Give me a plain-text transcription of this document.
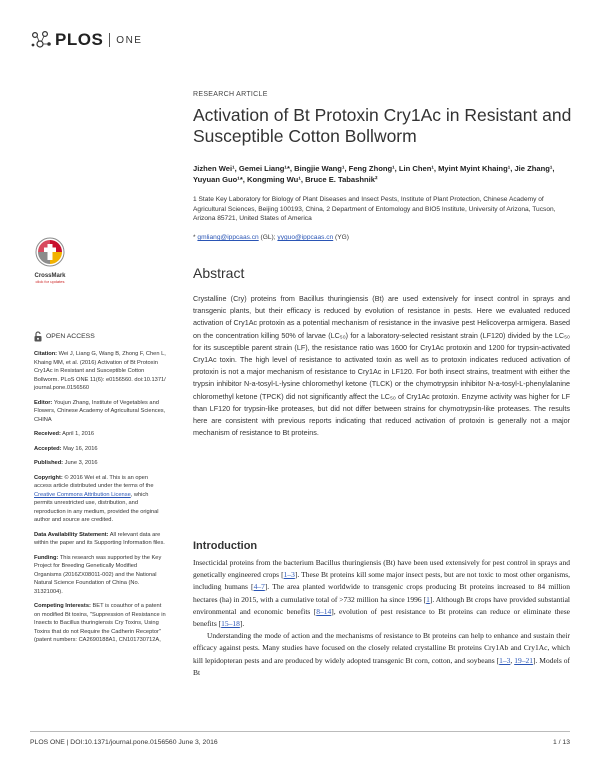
PLOS ONE
RESEARCH ARTICLE
Activation of Bt Protoxin Cry1Ac in Resistant and Susceptible Cotton Bollworm
Jizhen Wei¹, Gemei Liang¹*, Bingjie Wang¹, Feng Zhong¹, Lin Chen¹, Myint Myint Khaing¹, Jie Zhang¹, Yuyuan Guo¹*, Kongming Wu¹, Bruce E. Tabashnik²
1 State Key Laboratory for Biology of Plant Diseases and Insect Pests, Institute of Plant Protection, Chinese Academy of Agricultural Sciences, Beijing 100193, China, 2 Department of Entomology and BIO5 Institute, University of Arizona, Tucson, Arizona 85721, United States of America
* gmliang@ippcaas.cn (GL); yyguo@ippcaas.cn (YG)
CrossMark
click for updates
OPEN ACCESS

Citation: Wei J, Liang G, Wang B, Zhong F, Chen L, Khaing MM, et al. (2016) Activation of Bt Protoxin Cry1Ac in Resistant and Susceptible Cotton Bollworm. PLoS ONE 11(6): e0156560. doi:10.1371/ journal.pone.0156560

Editor: Youjun Zhang, Institute of Vegetables and Flowers, Chinese Academy of Agricultural Sciences, CHINA

Received: April 1, 2016

Accepted: May 16, 2016

Published: June 3, 2016

Copyright: © 2016 Wei et al. This is an open access article distributed under the terms of the Creative Commons Attribution License, which permits unrestricted use, distribution, and reproduction in any medium, provided the original author and source are credited.

Data Availability Statement: All relevant data are within the paper and its Supporting Information files.

Funding: This research was supported by the Key Project for Breeding Genetically Modified Organisms (2016ZX08011-002) and the National Natural Science Foundation of China (No. 31321004).

Competing Interests: BET is coauthor of a patent on modified Bt toxins, "Suppression of Resistance in Insects to Bacillus thuringiensis Cry Toxins, Using Toxins that do not Require the Cadherin Receptor" (patent numbers: CA2690188A1, CN101730712A,

Abstract
Crystalline (Cry) proteins from Bacillus thuringiensis (Bt) are used extensively for insect control in sprays and transgenic plants, but their efficacy is reduced by evolution of resistance in pests. Here we evaluated reduced activation of Cry1Ac protoxin as a potential mechanism of resistance in the invasive pest Helicoverpa armigera. Based on the concentration killing 50% of larvae (LC₅₀) for a laboratory-selected resistant strain (LF120) divided by the LC₅₀ for its susceptible parent strain (LF), the resistance ratio was 1600 for Cry1Ac protoxin and 1200 for trypsin-activated Cry1Ac toxin. The high level of resistance to activated toxin as well as to protoxin indicates reduced activation of protoxin is not a major mechanism of resistance to Cry1Ac in LF120. For both insect strains, treatment with either the trypsin inhibitor N-a-tosyl-L-lysine chloromethyl ketone (TLCK) or the chymotrypsin inhibitor N-a-tosyl-L-phenylalanine chloromethyl ketone (TPCK) did not significantly affect the LC₅₀ of Cry1Ac protoxin. Enzyme activity was higher for LF than LF120 for trypsin-like proteases, but did not differ between strains for chymotrypsin-like proteases. The results here are consistent with previous reports indicating that reduced activation of protoxin is generally not a major mechanism of resistance to Bt proteins.
Introduction

Insecticidal proteins from the bacterium Bacillus thuringiensis (Bt) have been used extensively for pest control in sprays and genetically engineered crops [1–3]. These Bt proteins kill some major insect pests, but are not toxic to most other organisms, including humans [4–7]. The area planted worldwide to transgenic crops producing Bt proteins increased to 84 million hectares (ha) in 2015, with a cumulative total of >732 million ha since 1996 [1]. Although Bt crops have provided substantial environmental and economic benefits [8–14], evolution of pest resistance to Bt proteins can reduce or eliminate these benefits [15–18].

Understanding the mode of action and the mechanisms of resistance to Bt proteins can help to enhance and sustain their efficacy against pests. Many studies have focused on the closely related crystalline Bt proteins Cry1Ab and Cry1Ac, which kill lepidopteran pests and are produced by widely adopted transgenic Bt corn, cotton, and soybeans [1–3, 19–21]. Models of Bt

PLOS ONE | DOI:10.1371/journal.pone.0156560 June 3, 2016	1 / 13
